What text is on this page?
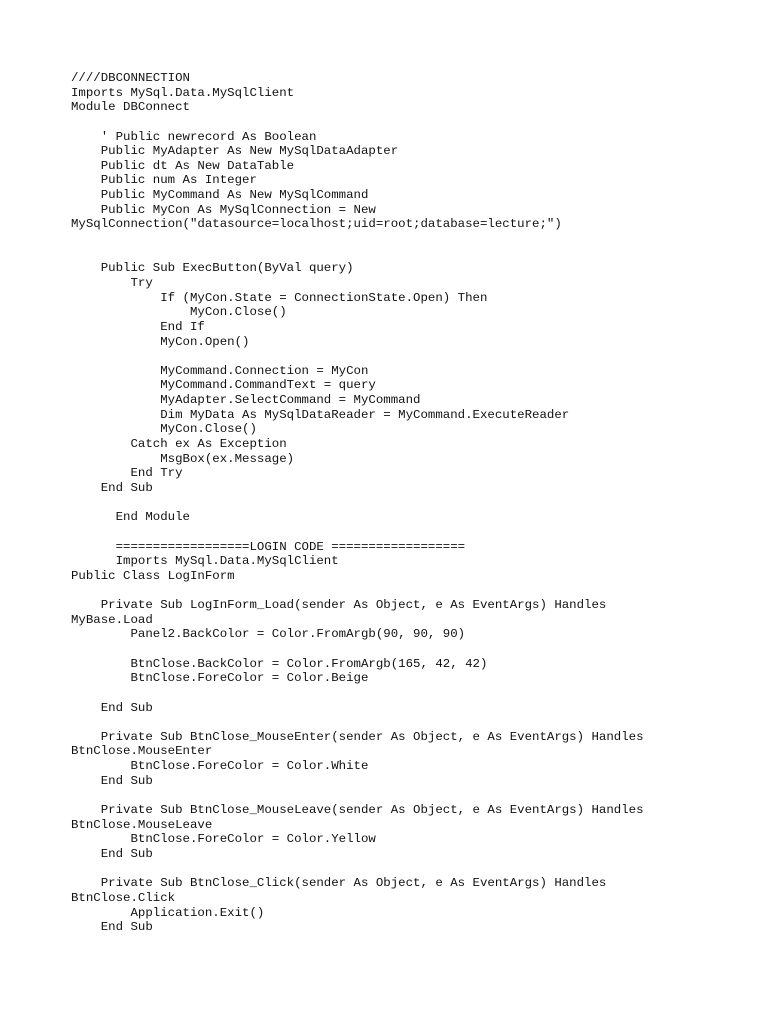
////DBCONNECTION
Imports MySql.Data.MySqlClient
Module DBConnect
' Public newrecord As Boolean
Public MyAdapter As New MySqlDataAdapter
Public dt As New DataTable
Public num As Integer
Public MyCommand As New MySqlCommand
Public MyCon As MySqlConnection = New
MySqlConnection("datasource=localhost;uid=root;database=lecture;")
Public Sub ExecButton(ByVal query)
Try
If (MyCon.State = ConnectionState.Open) Then
MyCon.Close()
End If
MyCon.Open()
MyCommand.Connection = MyCon
MyCommand.CommandText = query
MyAdapter.SelectCommand = MyCommand
Dim MyData As MySqlDataReader = MyCommand.ExecuteReader
MyCon.Close()
Catch ex As Exception
MsgBox(ex.Message)
End Try
End Sub
End Module
==================LOGIN CODE ==================
Imports MySql.Data.MySqlClient
Public Class LogInForm
Private Sub LogInForm_Load(sender As Object, e As EventArgs) Handles
MyBase.Load
Panel2.BackColor = Color.FromArgb(90, 90, 90)
BtnClose.BackColor = Color.FromArgb(165, 42, 42)
BtnClose.ForeColor = Color.Beige
End Sub
Private Sub BtnClose_MouseEnter(sender As Object, e As EventArgs) Handles
BtnClose.MouseEnter
BtnClose.ForeColor = Color.White
End Sub
Private Sub BtnClose_MouseLeave(sender As Object, e As EventArgs) Handles
BtnClose.MouseLeave
BtnClose.ForeColor = Color.Yellow
End Sub
Private Sub BtnClose_Click(sender As Object, e As EventArgs) Handles
BtnClose.Click
Application.Exit()
End Sub
